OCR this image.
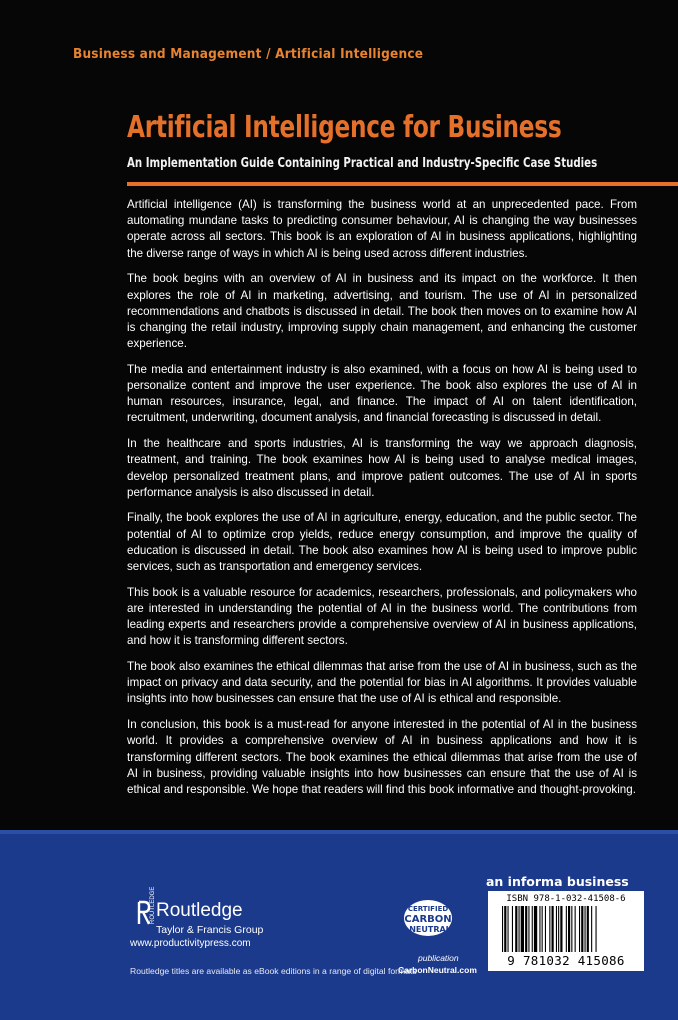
Business and Management / Artificial Intelligence
Artificial Intelligence for Business
An Implementation Guide Containing Practical and Industry-Specific Case Studies

Artificial intelligence (AI) is transforming the business world at an unprecedented pace. From automating mundane tasks to predicting consumer behaviour, AI is changing the way businesses operate across all sectors. This book is an exploration of AI in business applications, highlighting the diverse range of ways in which AI is being used across different industries.

The book begins with an overview of AI in business and its impact on the workforce. It then explores the role of AI in marketing, advertising, and tourism. The use of AI in personalized recommendations and chatbots is discussed in detail. The book then moves on to examine how AI is changing the retail industry, improving supply chain management, and enhancing the customer experience.

The media and entertainment industry is also examined, with a focus on how AI is being used to personalize content and improve the user experience. The book also explores the use of AI in human resources, insurance, legal, and finance. The impact of AI on talent identification, recruitment, underwriting, document analysis, and financial forecasting is discussed in detail.

In the healthcare and sports industries, AI is transforming the way we approach diagnosis, treatment, and training. The book examines how AI is being used to analyse medical images, develop personalized treatment plans, and improve patient outcomes. The use of AI in sports performance analysis is also discussed in detail.

Finally, the book explores the use of AI in agriculture, energy, education, and the public sector. The potential of AI to optimize crop yields, reduce energy consumption, and improve the quality of education is discussed in detail. The book also examines how AI is being used to improve public services, such as transportation and emergency services.

This book is a valuable resource for academics, researchers, professionals, and policymakers who are interested in understanding the potential of AI in the business world. The contributions from leading experts and researchers provide a comprehensive overview of AI in business applications, and how it is transforming different sectors.

The book also examines the ethical dilemmas that arise from the use of AI in business, such as the impact on privacy and data security, and the potential for bias in AI algorithms. It provides valuable insights into how businesses can ensure that the use of AI is ethical and responsible.

In conclusion, this book is a must-read for anyone interested in the potential of AI in the business world. It provides a comprehensive overview of AI in business applications and how it is transforming different sectors. The book examines the ethical dilemmas that arise from the use of AI in business, providing valuable insights into how businesses can ensure that the use of AI is ethical and responsible. We hope that readers will find this book informative and thought-provoking.

ROUTLEDGE Routledge
Taylor & Francis Group
www.productivitypress.com
Routledge titles are available as eBook editions in a range of digital formats
CERTIFIED
CARBON
NEUTRAL
publication
CarbonNeutral.com
an informa business
ISBN 978-1-032-41508-6
9 781032 415086
